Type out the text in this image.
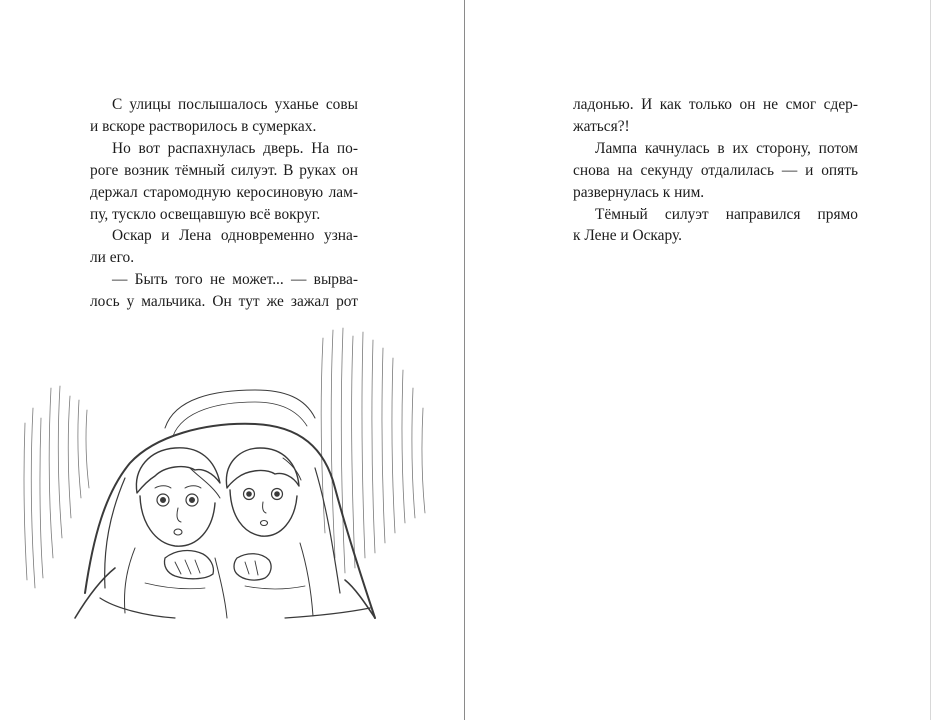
С улицы послышалось уханье совы

и вскоре растворилось в сумерках.

Но вот распахнулась дверь. На по-

роге возник тёмный силуэт. В руках он

держал старомодную керосиновую лам-

пу, тускло освещавшую всё вокруг.

Оскар и Лена одновременно узна-

ли его.

— Быть того не может... — вырва-

лось у мальчика. Он тут же зажал рот

ладонью. И как только он не смог сдер-

жаться?!

Лампа качнулась в их сторону, потом

снова на секунду отдалилась — и опять

развернулась к ним.

Тёмный силуэт направился прямо

к Лене и Оскару.
